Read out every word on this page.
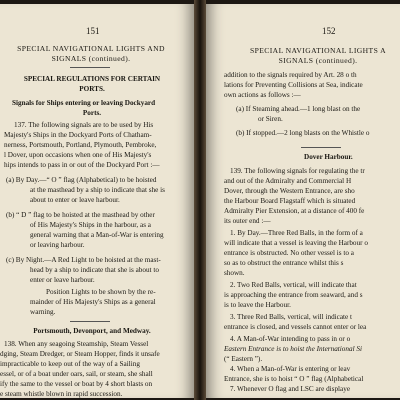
151
SPECIAL NAVIGATIONAL LIGHTS AND
SIGNALS (continued).
SPECIAL REGULATIONS FOR CERTAIN
PORTS.
Signals for Ships entering or leaving Dockyard
Ports.
137. The following signals are to be used by His
Majesty's Ships in the Dockyard Ports of Chatham-
nerness, Portsmouth, Portland, Plymouth, Pembroke,
l Dover, upon occasions when one of His Majesty's
hips intends to pass in or out of the Dockyard Port :—
(a) By Day.—“ O ” flag (Alphabetical) to be hoisted
at the masthead by a ship to indicate that she is
about to enter or leave harbour.
(b) “ D ” flag to be hoisted at the masthead by other
of His Majesty's Ships in the harbour, as a
general warning that a Man-of-War is entering
or leaving harbour.
(c) By Night.—A Red Light to be hoisted at the mast-
head by a ship to indicate that she is about to
enter or leave harbour.
Position Lights to be shown by the re-
mainder of His Majesty's Ships as a general
warning.
Portsmouth, Devonport, and Medway.
138. When any seagoing Steamship, Steam Vessel
dging, Steam Dredger, or Steam Hopper, finds it unsafe
impracticable to keep out of the way of a Sailing
essel, or of a boat under oars, sail, or steam, she shall
ify the same to the vessel or boat by 4 short blasts on
e steam whistle blown in rapid succession.
152
SPECIAL NAVIGATIONAL LIGHTS A
SIGNALS (continued).
addition to the signals required by Art. 28 o th
lations for Preventing Collisions at Sea, indicate
own actions as follows :—
(a) If Steaming ahead.—1 long blast on the
or Siren.
(b) If stopped.—2 long blasts on the Whistle o
Dover Harbour.
139. The following signals for regulating the tr
and out of the Admiralty and Commercial H
Dover, through the Western Entrance, are sho
the Harbour Board Flagstaff which is situated
Admiralty Pier Extension, at a distance of 400 fe
its outer end :—
1. By Day.—Three Red Balls, in the form of a
will indicate that a vessel is leaving the Harbour o
entrance is obstructed. No other vessel is to a
so as to obstruct the entrance whilst this s
shown.
2. Two Red Balls, vertical, will indicate that
is approaching the entrance from seaward, and s
is to leave the Harbour.
3. Three Red Balls, vertical, will indicate t
entrance is closed, and vessels cannot enter or lea
4. A Man-of-War intending to pass in or o
Eastern Entrance is to hoist the International Si
(“ Eastern ”).
4. When a Man-of-War is entering or leav
Entrance, she is to hoist “ O ” flag (Alphabetical
7. Whenever O flag and LSC are displaye
